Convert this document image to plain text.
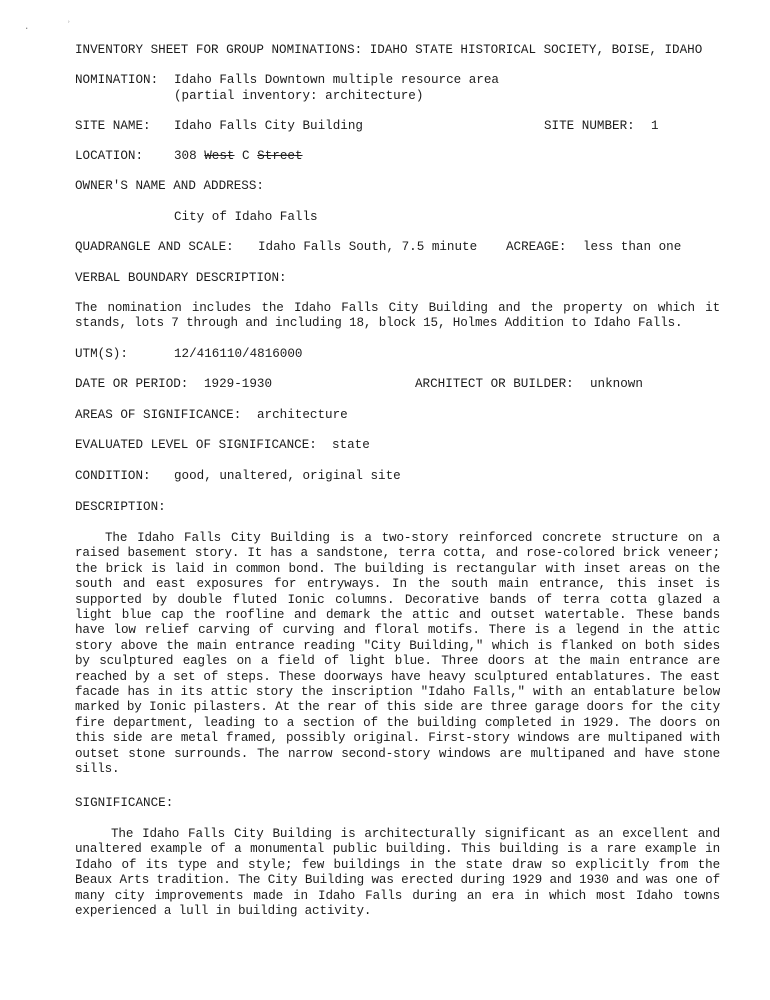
·
˒
INVENTORY SHEET FOR GROUP NOMINATIONS: IDAHO STATE HISTORICAL SOCIETY, BOISE, IDAHO
NOMINATION: Idaho Falls Downtown multiple resource area
(partial inventory: architecture)
SITE NAME: Idaho Falls City Building	SITE NUMBER: 1
LOCATION: 308 West C Street
OWNER'S NAME AND ADDRESS:
City of Idaho Falls
QUADRANGLE AND SCALE: Idaho Falls South, 7.5 minute ACREAGE: less than one
VERBAL BOUNDARY DESCRIPTION:
The nomination includes the Idaho Falls City Building and the property on which it stands, lots 7 through and including 18, block 15, Holmes Addition to Idaho Falls.
UTM(S):	12/416110/4816000
DATE OR PERIOD: 1929-1930	ARCHITECT OR BUILDER: unknown
AREAS OF SIGNIFICANCE: architecture
EVALUATED LEVEL OF SIGNIFICANCE: state
CONDITION: good, unaltered, original site
DESCRIPTION:
The Idaho Falls City Building is a two-story reinforced concrete structure on a raised basement story. It has a sandstone, terra cotta, and rose-colored brick veneer; the brick is laid in common bond. The building is rectangular with inset areas on the south and east exposures for entryways. In the south main entrance, this inset is supported by double fluted Ionic columns. Decorative bands of terra cotta glazed a light blue cap the roofline and demark the attic and outset watertable. These bands have low relief carving of curving and floral motifs. There is a legend in the attic story above the main entrance reading "City Building," which is flanked on both sides by sculptured eagles on a field of light blue. Three doors at the main entrance are reached by a set of steps. These doorways have heavy sculptured entablatures. The east facade has in its attic story the inscription "Idaho Falls," with an entablature below marked by Ionic pilasters. At the rear of this side are three garage doors for the city fire department, leading to a section of the building completed in 1929. The doors on this side are metal framed, possibly original. First-story windows are multipaned with outset stone surrounds. The narrow second-story windows are multipaned and have stone sills.
SIGNIFICANCE:
The Idaho Falls City Building is architecturally significant as an excellent and unaltered example of a monumental public building. This building is a rare example in Idaho of its type and style; few buildings in the state draw so explicitly from the Beaux Arts tradition. The City Building was erected during 1929 and 1930 and was one of many city improvements made in Idaho Falls during an era in which most Idaho towns experienced a lull in building activity.
